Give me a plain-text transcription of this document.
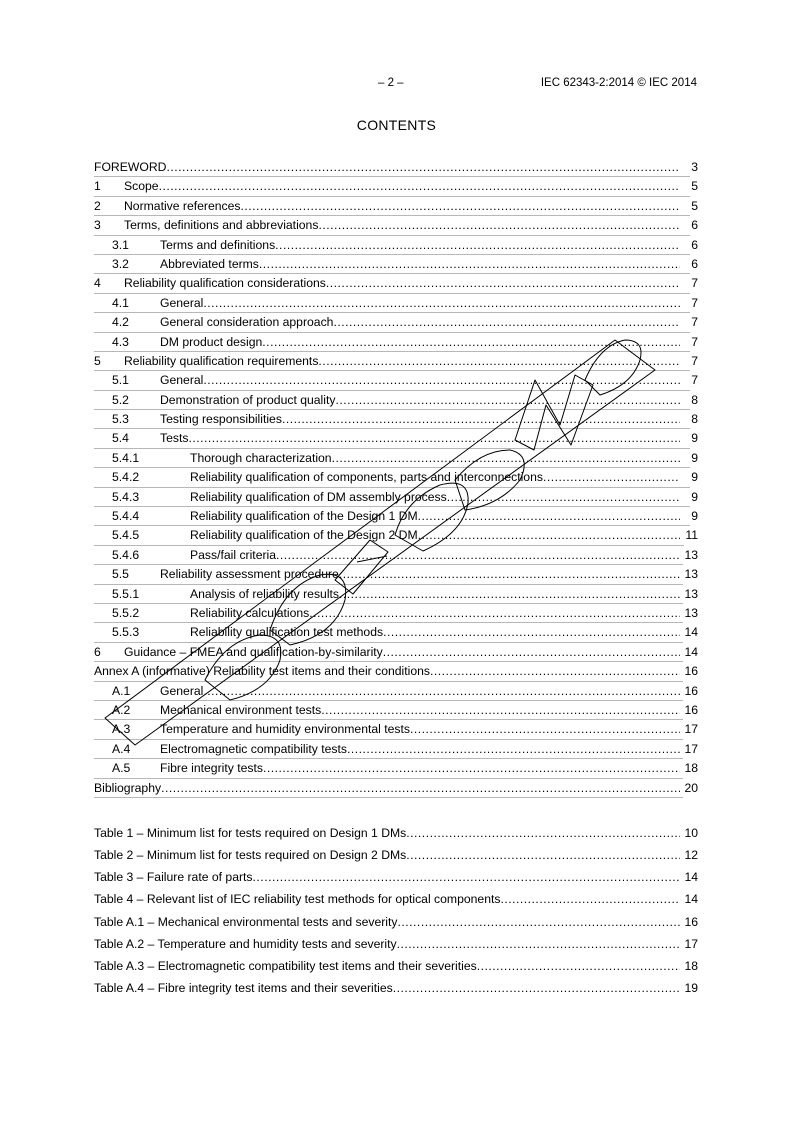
– 2 –	IEC 62343-2:2014 © IEC 2014
CONTENTS
FOREWORD .....	3
1 Scope .....	5
2 Normative references .....	5
3 Terms, definitions and abbreviations .....	6
3.1	Terms and definitions .....	6
3.2	Abbreviated terms .....	6
4 Reliability qualification considerations .....	7
4.1	General .....	7
4.2	General consideration approach .....	7
4.3	DM product design .....	7
5 Reliability qualification requirements .....	7
5.1	General .....	7
5.2	Demonstration of product quality .....	8
5.3	Testing responsibilities .....	8
5.4	Tests .....	9
5.4.1	Thorough characterization .....	9
5.4.2	Reliability qualification of components, parts and interconnections .....	9
5.4.3	Reliability qualification of DM assembly process .....	9
5.4.4	Reliability qualification of the Design 1 DM .....	9
5.4.5	Reliability qualification of the Design 2 DM .....	11
5.4.6	Pass/fail criteria .....	13
5.5	Reliability assessment procedure .....	13
5.5.1	Analysis of reliability results .....	13
5.5.2	Reliability calculations .....	13
5.5.3	Reliability qualification test methods .....	14
6 Guidance – FMEA and qualification-by-similarity .....	14
Annex A (informative) Reliability test items and their conditions .....	16
A.1 General .....	16
A.2 Mechanical environment tests .....	16
A.3 Temperature and humidity environmental tests .....	17
A.4 Electromagnetic compatibility tests .....	17
A.5 Fibre integrity tests .....	18
Bibliography .....	20
Table 1 – Minimum list for tests required on Design 1 DMs .....	10
Table 2 – Minimum list for tests required on Design 2 DMs .....	12
Table 3 – Failure rate of parts .....	14
Table 4 – Relevant list of IEC reliability test methods for optical components .....	14
Table A.1 – Mechanical environmental tests and severity .....	16
Table A.2 – Temperature and humidity tests and severity .....	17
Table A.3 – Electromagnetic compatibility test items and their severities .....	18
Table A.4 – Fibre integrity test items and their severities .....	19
